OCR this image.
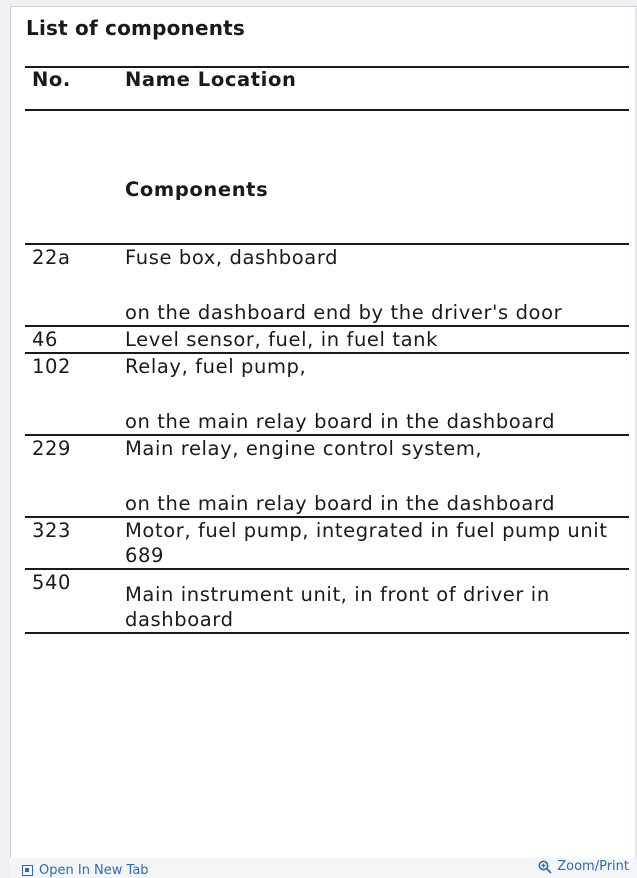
List of components
No.	Name Location

	Components

22a	Fuse box, dashboard
on the dashboard end by the driver's door

46	Level sensor, fuel, in fuel tank

102	Relay, fuel pump,
on the main relay board in the dashboard

229	Main relay, engine control system,
on the main relay board in the dashboard

323	Motor, fuel pump, integrated in fuel pump unit 689

540	Main instrument unit, in front of driver in dashboard
Open In New Tab	Zoom/Print
